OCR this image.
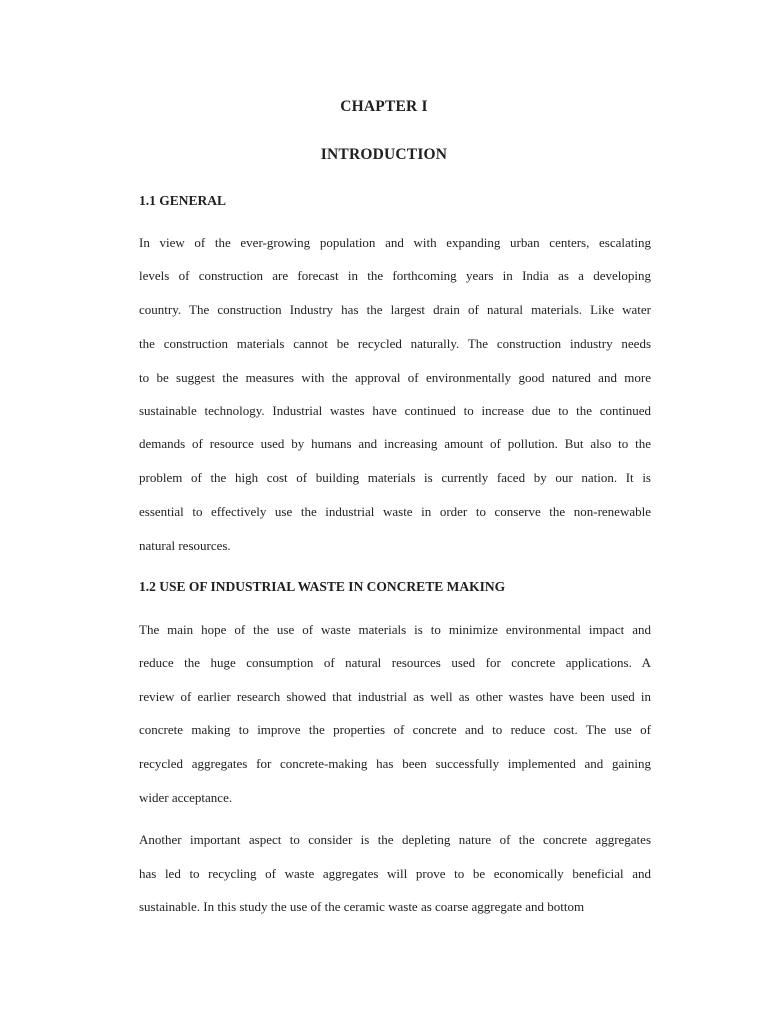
CHAPTER I
INTRODUCTION
1.1 GENERAL

In view of the ever-growing population and with expanding urban centers, escalating

levels of construction are forecast in the forthcoming years in India as a developing

country. The construction Industry has the largest drain of natural materials. Like water

the construction materials cannot be recycled naturally. The construction industry needs

to be suggest the measures with the approval of environmentally good natured and more

sustainable technology. Industrial wastes have continued to increase due to the continued

demands of resource used by humans and increasing amount of pollution. But also to the

problem of the high cost of building materials is currently faced by our nation. It is

essential to effectively use the industrial waste in order to conserve the non-renewable

natural resources.

1.2 USE OF INDUSTRIAL WASTE IN CONCRETE MAKING

The main hope of the use of waste materials is to minimize environmental impact and

reduce the huge consumption of natural resources used for concrete applications. A

review of earlier research showed that industrial as well as other wastes have been used in

concrete making to improve the properties of concrete and to reduce cost. The use of

recycled aggregates for concrete-making has been successfully implemented and gaining

wider acceptance.

Another important aspect to consider is the depleting nature of the concrete aggregates

has led to recycling of waste aggregates will prove to be economically beneficial and

sustainable. In this study the use of the ceramic waste as coarse aggregate and bottom
